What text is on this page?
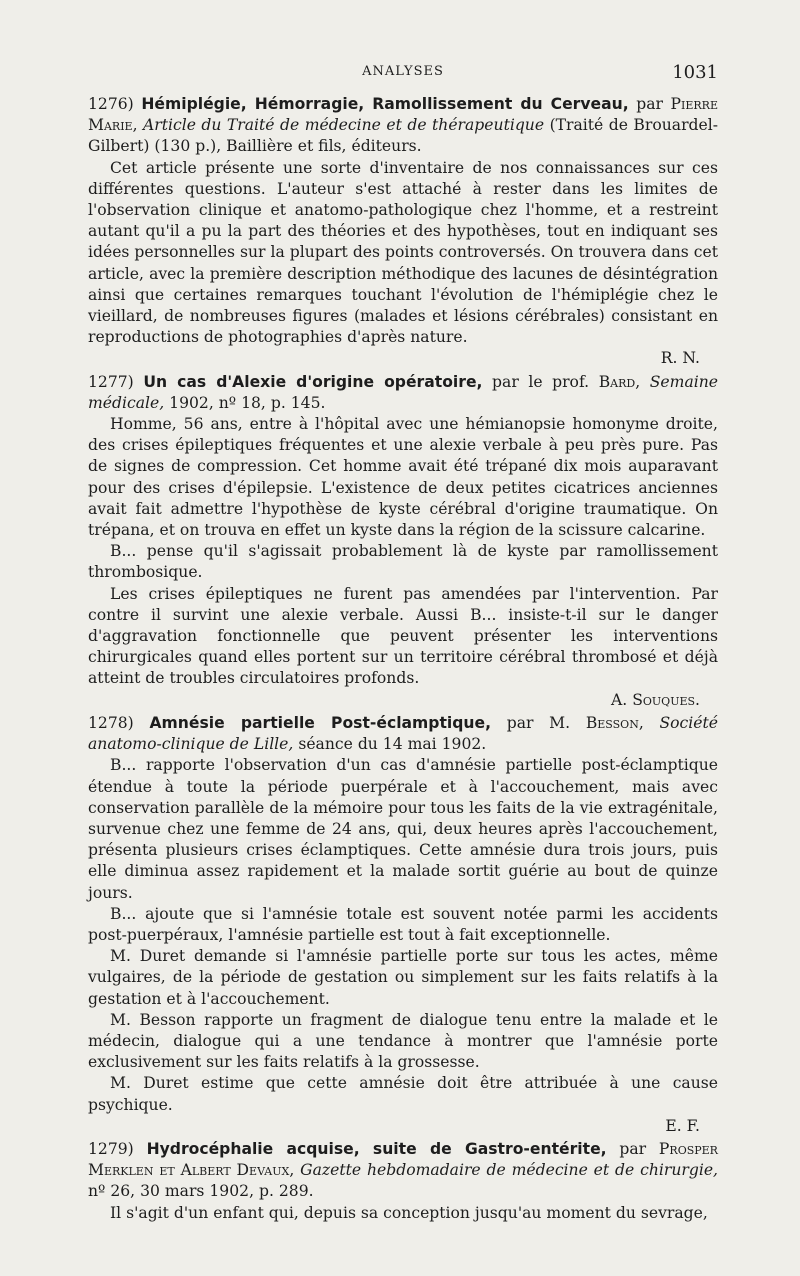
ANALYSES	1031

1276) Hémiplégie, Hémorragie, Ramollissement du Cerveau, par Pierre Marie, Article du Traité de médecine et de thérapeutique (Traité de Brouardel-Gilbert) (130 p.), Baillière et fils, éditeurs.

Cet article présente une sorte d'inventaire de nos connaissances sur ces différentes questions. L'auteur s'est attaché à rester dans les limites de l'observation clinique et anatomo-pathologique chez l'homme, et a restreint autant qu'il a pu la part des théories et des hypothèses, tout en indiquant ses idées personnelles sur la plupart des points controversés. On trouvera dans cet article, avec la première description méthodique des lacunes de désintégration ainsi que certaines remarques touchant l'évolution de l'hémiplégie chez le vieillard, de nombreuses figures (malades et lésions cérébrales) consistant en reproductions de photographies d'après nature.

R. N.

1277) Un cas d'Alexie d'origine opératoire, par le prof. Bard, Semaine médicale, 1902, nº 18, p. 145.

Homme, 56 ans, entre à l'hôpital avec une hémianopsie homonyme droite, des crises épileptiques fréquentes et une alexie verbale à peu près pure. Pas de signes de compression. Cet homme avait été trépané dix mois auparavant pour des crises d'épilepsie. L'existence de deux petites cicatrices anciennes avait fait admettre l'hypothèse de kyste cérébral d'origine traumatique. On trépana, et on trouva en effet un kyste dans la région de la scissure calcarine.

B... pense qu'il s'agissait probablement là de kyste par ramollissement thrombosique.

Les crises épileptiques ne furent pas amendées par l'intervention. Par contre il survint une alexie verbale. Aussi B... insiste-t-il sur le danger d'aggravation fonctionnelle que peuvent présenter les interventions chirurgicales quand elles portent sur un territoire cérébral thrombosé et déjà atteint de troubles circulatoires profonds.

A. Souques.

1278) Amnésie partielle Post-éclamptique, par M. Besson, Société anatomo-clinique de Lille, séance du 14 mai 1902.

B... rapporte l'observation d'un cas d'amnésie partielle post-éclamptique étendue à toute la période puerpérale et à l'accouchement, mais avec conservation parallèle de la mémoire pour tous les faits de la vie extragénitale, survenue chez une femme de 24 ans, qui, deux heures après l'accouchement, présenta plusieurs crises éclamptiques. Cette amnésie dura trois jours, puis elle diminua assez rapidement et la malade sortit guérie au bout de quinze jours.

B... ajoute que si l'amnésie totale est souvent notée parmi les accidents post-puerpéraux, l'amnésie partielle est tout à fait exceptionnelle.

M. Duret demande si l'amnésie partielle porte sur tous les actes, même vulgaires, de la période de gestation ou simplement sur les faits relatifs à la gestation et à l'accouchement.

M. Besson rapporte un fragment de dialogue tenu entre la malade et le médecin, dialogue qui a une tendance à montrer que l'amnésie porte exclusivement sur les faits relatifs à la grossesse.

M. Duret estime que cette amnésie doit être attribuée à une cause psychique.

E. F.

1279) Hydrocéphalie acquise, suite de Gastro-entérite, par Prosper Merklen et Albert Devaux, Gazette hebdomadaire de médecine et de chirurgie, nº 26, 30 mars 1902, p. 289.

Il s'agit d'un enfant qui, depuis sa conception jusqu'au moment du sevrage,
